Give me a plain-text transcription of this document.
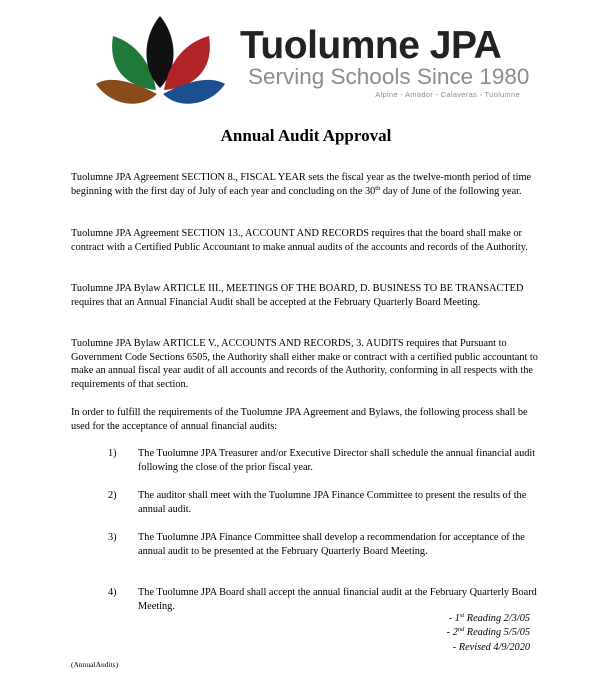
Tuolumne JPA
Serving Schools Since 1980
Alpine - Amador - Calaveras - Tuolumne
Annual Audit Approval

Tuolumne JPA Agreement SECTION 8., FISCAL YEAR sets the fiscal year as the twelve-month period of time beginning with the first day of July of each year and concluding on the 30th day of June of the following year.

Tuolumne JPA Agreement SECTION 13., ACCOUNT AND RECORDS requires that the board shall make or contract with a Certified Public Accountant to make annual audits of the accounts and records of the Authority.

Tuolumne JPA Bylaw ARTICLE III., MEETINGS OF THE BOARD, D. BUSINESS TO BE TRANSACTED requires that an Annual Financial Audit shall be accepted at the February Quarterly Board Meeting.

Tuolumne JPA Bylaw ARTICLE V., ACCOUNTS AND RECORDS, 3. AUDITS requires that Pursuant to Government Code Sections 6505, the Authority shall either make or contract with a certified public accountant to make an annual fiscal year audit of all accounts and records of the Authority, conforming in all respects with the requirements of that section.

In order to fulfill the requirements of the Tuolumne JPA Agreement and Bylaws, the following process shall be used for the acceptance of annual financial audits:

1) The Tuolumne JPA Treasurer and/or Executive Director shall schedule the annual financial audit following the close of the prior fiscal year.
2) The auditor shall meet with the Tuolumne JPA Finance Committee to present the results of the annual audit.
3) The Tuolumne JPA Finance Committee shall develop a recommendation for acceptance of the annual audit to be presented at the February Quarterly Board Meeting.
4) The Tuolumne JPA Board shall accept the annual financial audit at the February Quarterly Board Meeting.
- 1st Reading 2/3/05
- 2nd Reading 5/5/05
- Revised 4/9/2020
(AnnualAudits)
